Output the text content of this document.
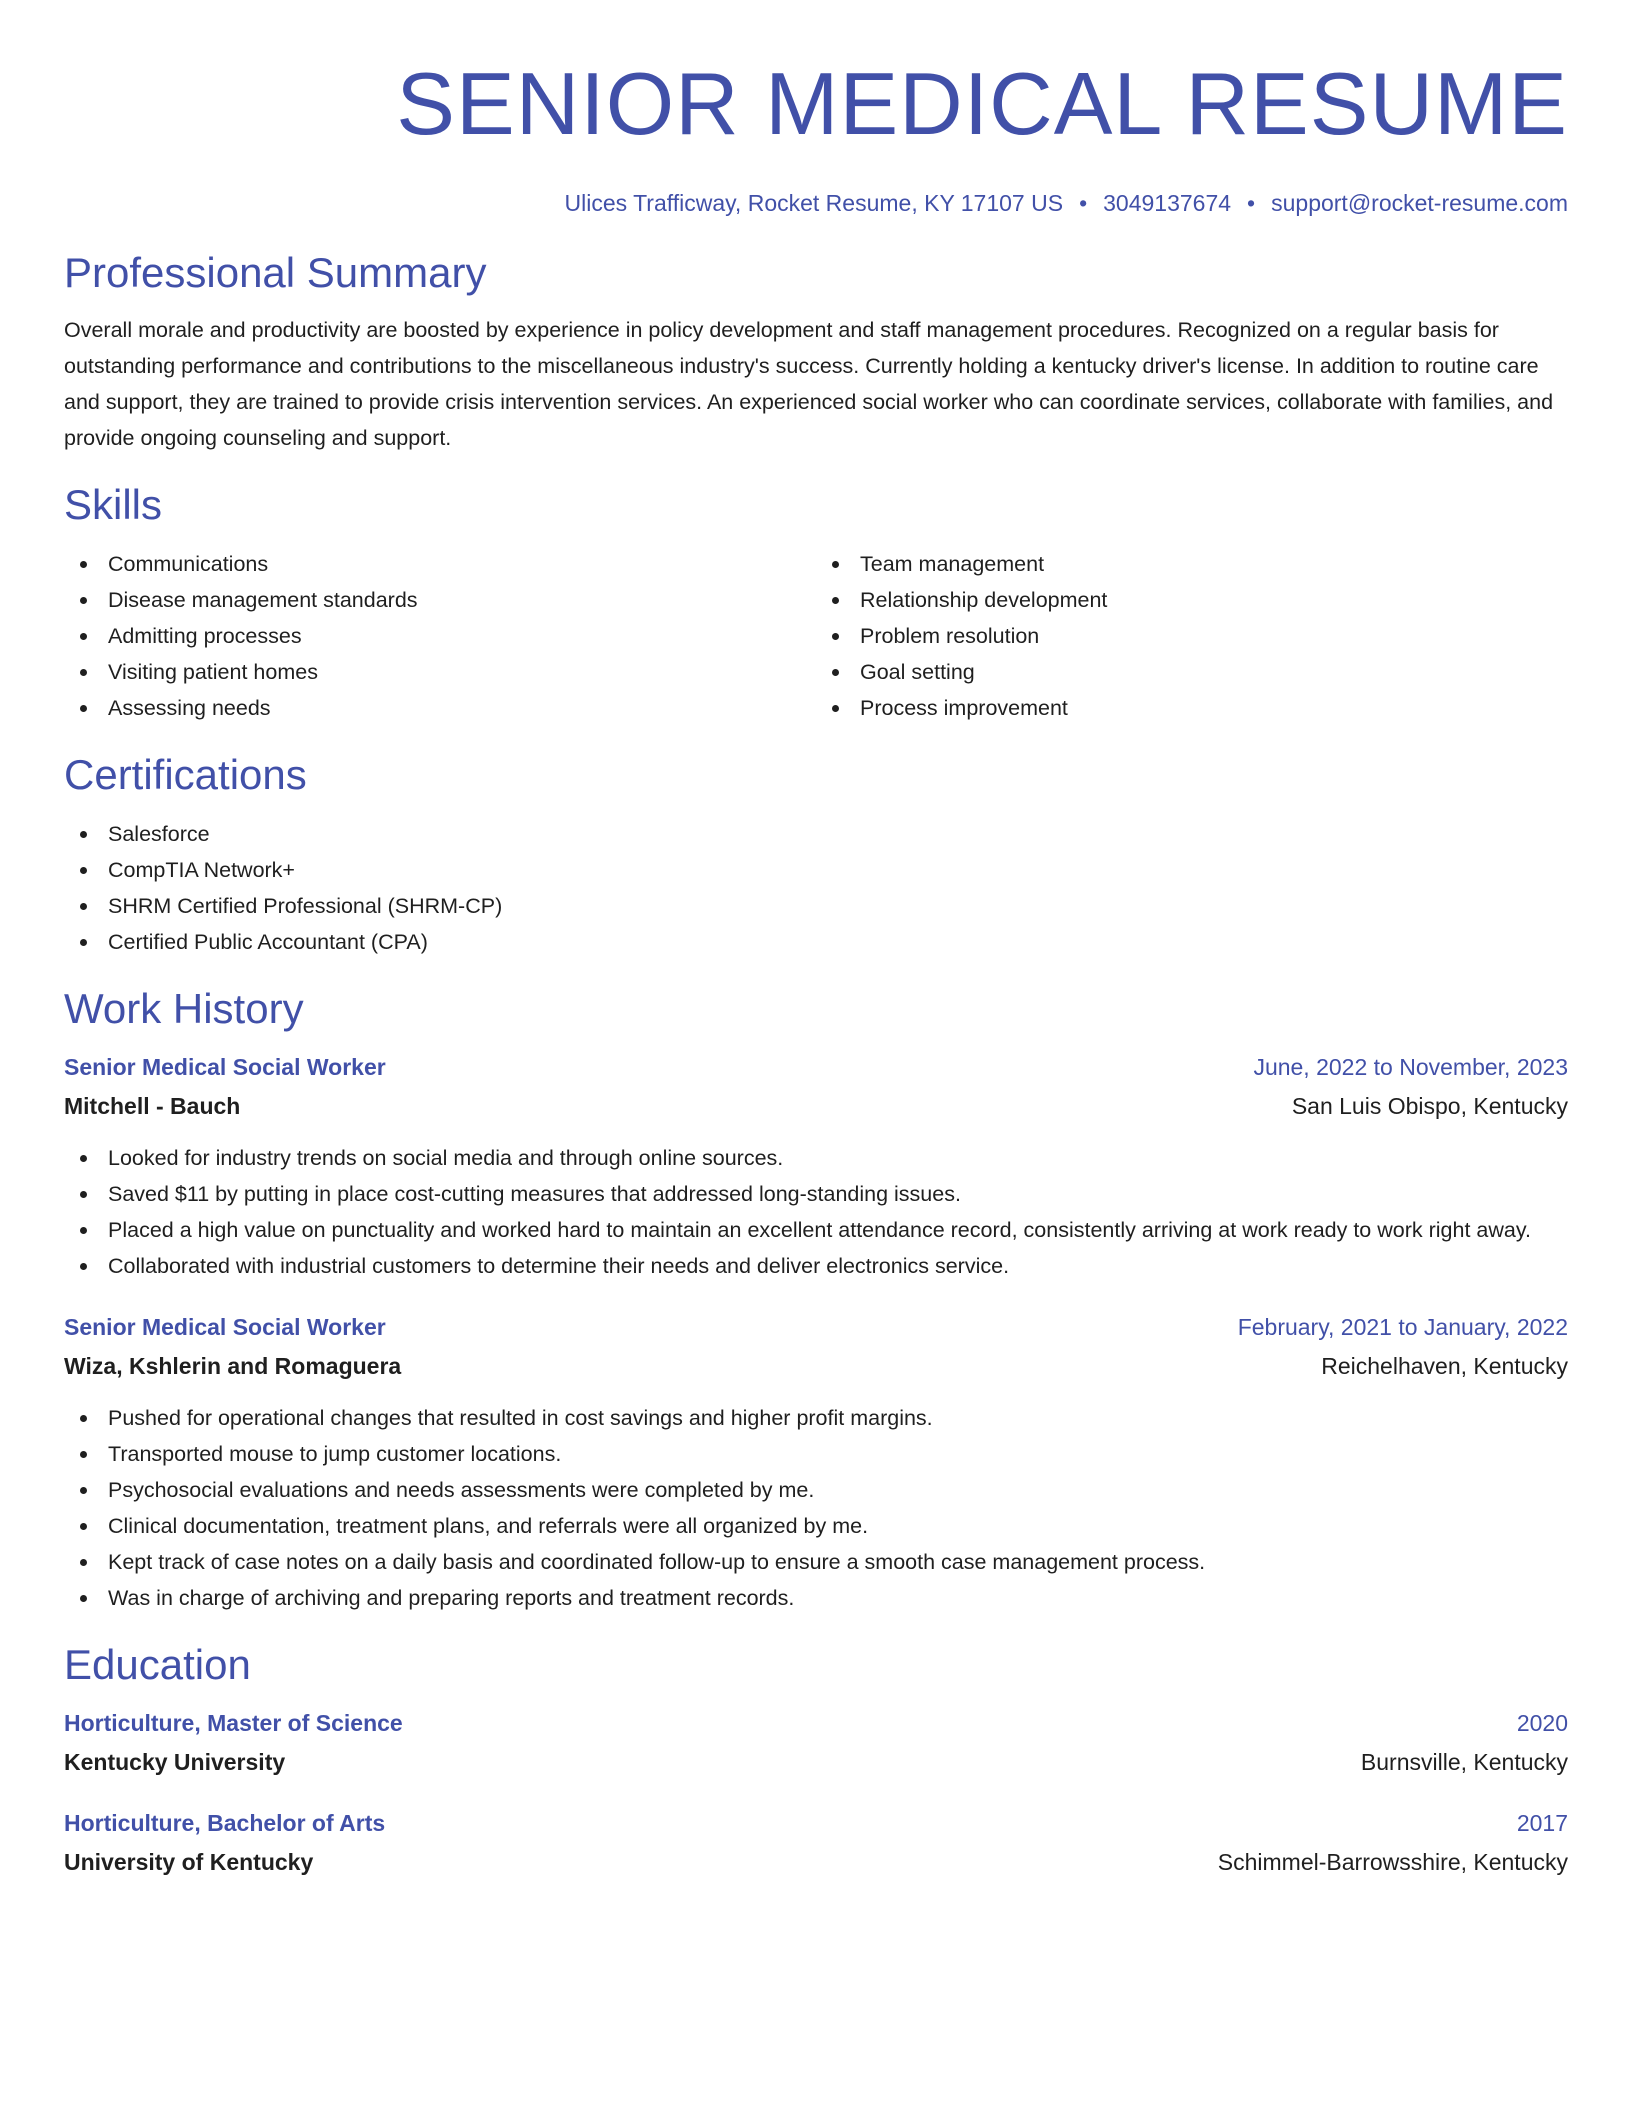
SENIOR MEDICAL RESUME
Ulices Trafficway, Rocket Resume, KY 17107 US • 3049137674 • support@rocket-resume.com
Professional Summary

Overall morale and productivity are boosted by experience in policy development and staff management procedures. Recognized on a regular basis for outstanding performance and contributions to the miscellaneous industry's success. Currently holding a kentucky driver's license. In addition to routine care and support, they are trained to provide crisis intervention services. An experienced social worker who can coordinate services, collaborate with families, and provide ongoing counseling and support.

Skills
Communications
Disease management standards
Admitting processes
Visiting patient homes
Assessing needs
Team management
Relationship development
Problem resolution
Goal setting
Process improvement
Certifications
Salesforce
CompTIA Network+
SHRM Certified Professional (SHRM-CP)
Certified Public Accountant (CPA)
Work History
Senior Medical Social Worker	June, 2022 to November, 2023
Mitchell - Bauch	San Luis Obispo, Kentucky
Looked for industry trends on social media and through online sources.
Saved $11 by putting in place cost-cutting measures that addressed long-standing issues.
Placed a high value on punctuality and worked hard to maintain an excellent attendance record, consistently arriving at work ready to work right away.
Collaborated with industrial customers to determine their needs and deliver electronics service.
Senior Medical Social Worker	February, 2021 to January, 2022
Wiza, Kshlerin and Romaguera	Reichelhaven, Kentucky
Pushed for operational changes that resulted in cost savings and higher profit margins.
Transported mouse to jump customer locations.
Psychosocial evaluations and needs assessments were completed by me.
Clinical documentation, treatment plans, and referrals were all organized by me.
Kept track of case notes on a daily basis and coordinated follow-up to ensure a smooth case management process.
Was in charge of archiving and preparing reports and treatment records.
Education
Horticulture, Master of Science	2020
Kentucky University	Burnsville, Kentucky
Horticulture, Bachelor of Arts	2017
University of Kentucky	Schimmel-Barrowsshire, Kentucky
